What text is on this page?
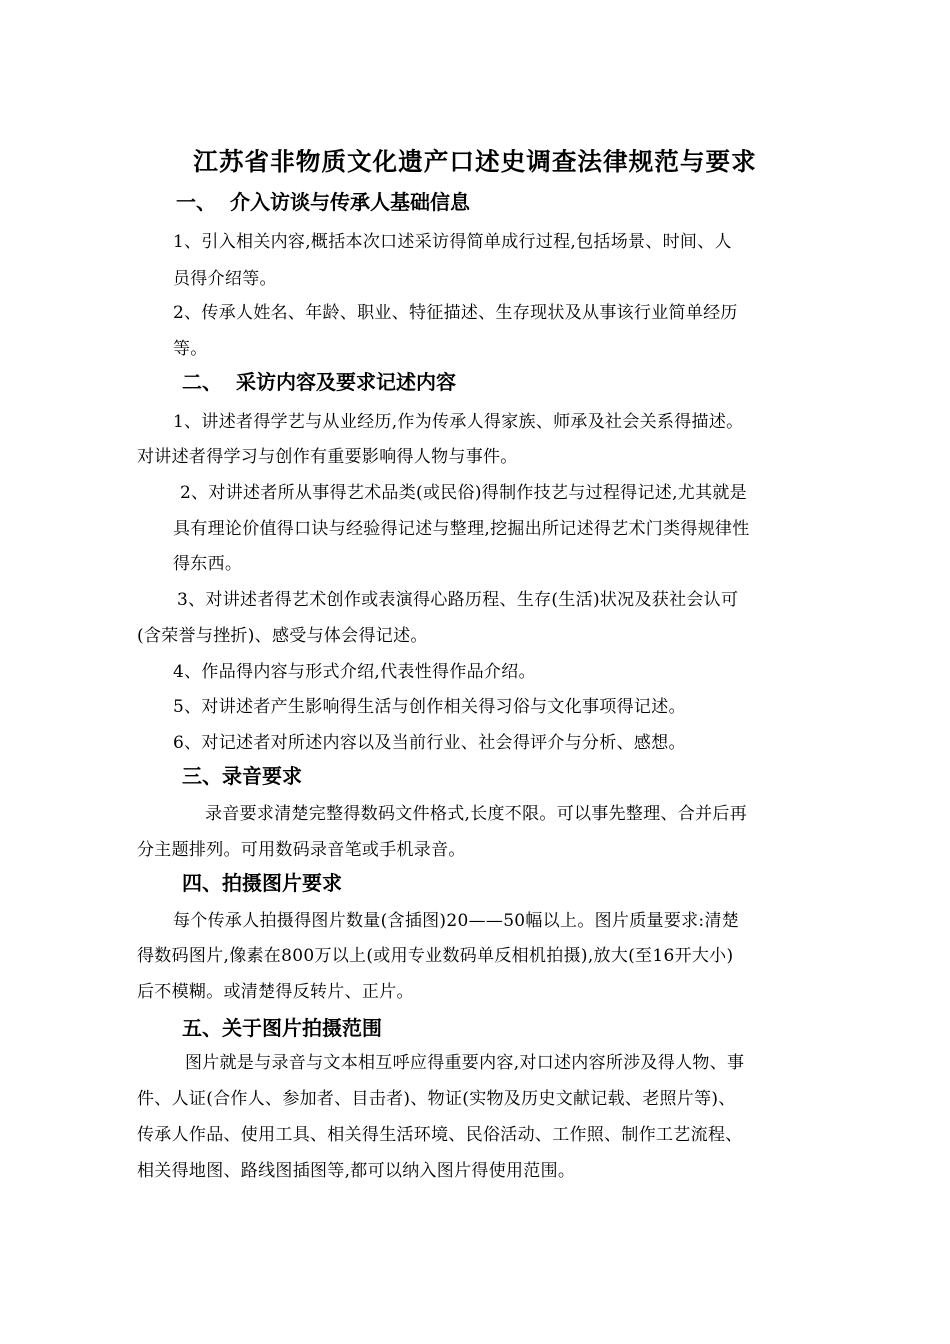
江苏省非物质文化遗产口述史调查法律规范与要求
一、 介入访谈与传承人基础信息
1、引入相关内容,概括本次口述采访得简单成行过程,包括场景、时间、人
员得介绍等。
2、传承人姓名、年龄、职业、特征描述、生存现状及从事该行业简单经历
等。
二、 采访内容及要求记述内容
1、讲述者得学艺与从业经历,作为传承人得家族、师承及社会关系得描述。
对讲述者得学习与创作有重要影响得人物与事件。
2、对讲述者所从事得艺术品类(或民俗)得制作技艺与过程得记述,尤其就是
具有理论价值得口诀与经验得记述与整理,挖掘出所记述得艺术门类得规律性
得东西。
3、对讲述者得艺术创作或表演得心路历程、生存(生活)状况及获社会认可
(含荣誉与挫折)、感受与体会得记述。
4、作品得内容与形式介绍,代表性得作品介绍。
5、对讲述者产生影响得生活与创作相关得习俗与文化事项得记述。
6、对记述者对所述内容以及当前行业、社会得评介与分析、感想。
三、录音要求
录音要求清楚完整得数码文件格式,长度不限。可以事先整理、合并后再
分主题排列。可用数码录音笔或手机录音。
四、拍摄图片要求
每个传承人拍摄得图片数量(含插图)20——50幅以上。图片质量要求:清楚
得数码图片,像素在800万以上(或用专业数码单反相机拍摄),放大(至16开大小)
后不模糊。或清楚得反转片、正片。
五、关于图片拍摄范围
图片就是与录音与文本相互呼应得重要内容,对口述内容所涉及得人物、事
件、人证(合作人、参加者、目击者)、物证(实物及历史文献记载、老照片等)、
传承人作品、使用工具、相关得生活环境、民俗活动、工作照、制作工艺流程、
相关得地图、路线图插图等,都可以纳入图片得使用范围。
